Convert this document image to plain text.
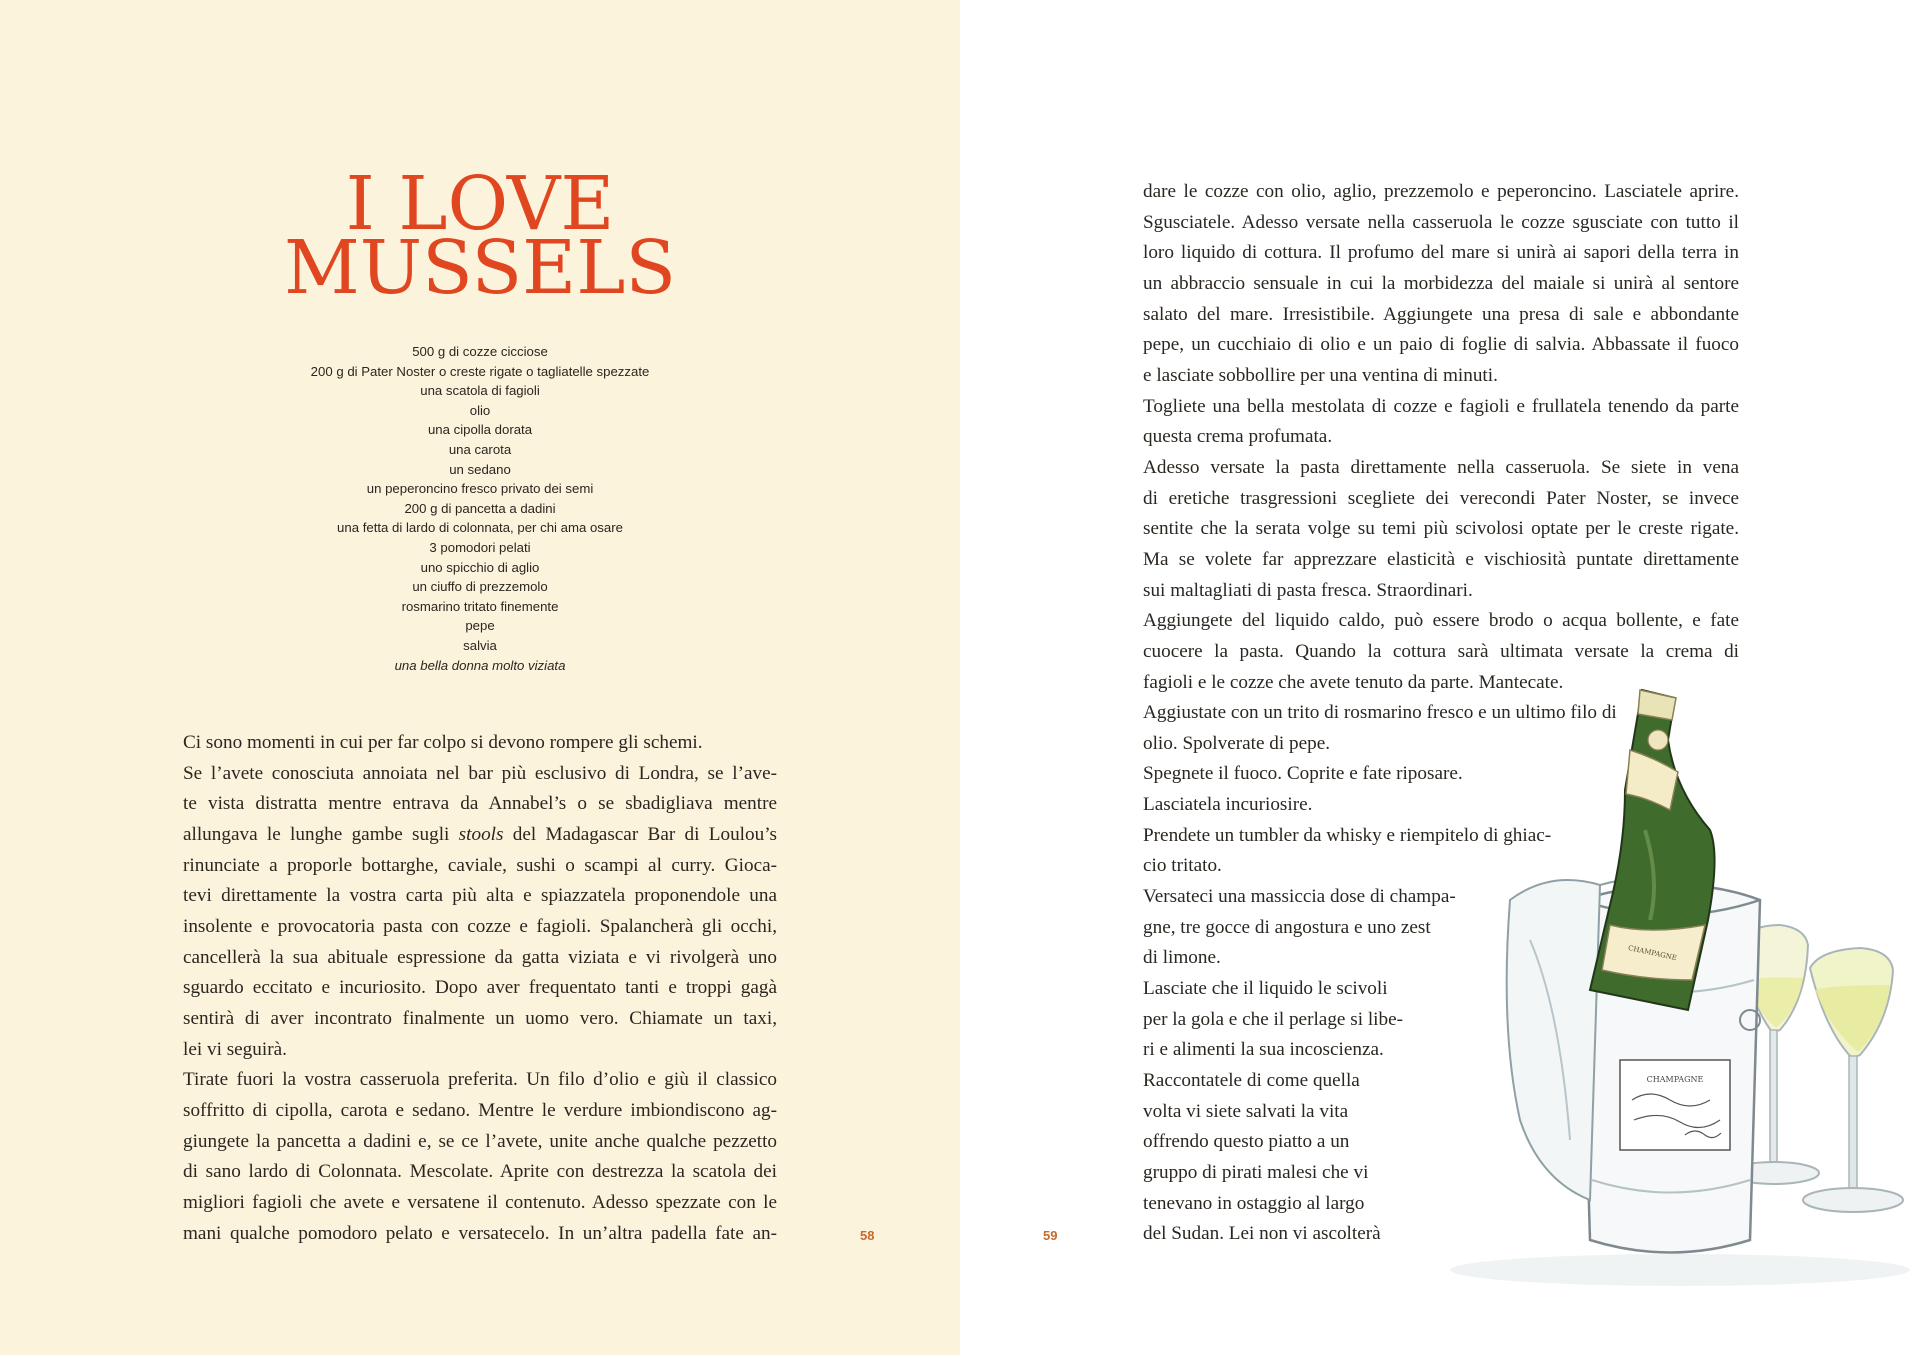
I LOVE
MUSSELS
500 g di cozze cicciose
200 g di Pater Noster o creste rigate o tagliatelle spezzate
una scatola di fagioli
olio
una cipolla dorata
una carota
un sedano
un peperoncino fresco privato dei semi
200 g di pancetta a dadini
una fetta di lardo di colonnata, per chi ama osare
3 pomodori pelati
uno spicchio di aglio
un ciuffo di prezzemolo
rosmarino tritato finemente
pepe
salvia
una bella donna molto viziata
Ci sono momenti in cui per far colpo si devono rompere gli schemi.
Se l’avete conosciuta annoiata nel bar più esclusivo di Londra, se l’ave-
te vista distratta mentre entrava da Annabel’s o se sbadigliava mentre
allungava le lunghe gambe sugli stools del Madagascar Bar di Loulou’s
rinunciate a proporle bottarghe, caviale, sushi o scampi al curry. Gioca-
tevi direttamente la vostra carta più alta e spiazzatela proponendole una
insolente e provocatoria pasta con cozze e fagioli. Spalancherà gli occhi,
cancellerà la sua abituale espressione da gatta viziata e vi rivolgerà uno
sguardo eccitato e incuriosito. Dopo aver frequentato tanti e troppi gagà
sentirà di aver incontrato finalmente un uomo vero. Chiamate un taxi,
lei vi seguirà.
Tirate fuori la vostra casseruola preferita. Un filo d’olio e giù il classico
soffritto di cipolla, carota e sedano. Mentre le verdure imbiondiscono ag-
giungete la pancetta a dadini e, se ce l’avete, unite anche qualche pezzetto
di sano lardo di Colonnata. Mescolate. Aprite con destrezza la scatola dei
migliori fagioli che avete e versatene il contenuto. Adesso spezzate con le
mani qualche pomodoro pelato e versatecelo. In un’altra padella fate an-	58
CHAMPAGNE
CHAMPAGNE
dare le cozze con olio, aglio, prezzemolo e peperoncino. Lasciatele aprire.
Sgusciatele. Adesso versate nella casseruola le cozze sgusciate con tutto il
loro liquido di cottura. Il profumo del mare si unirà ai sapori della terra in
un abbraccio sensuale in cui la morbidezza del maiale si unirà al sentore
salato del mare. Irresistibile. Aggiungete una presa di sale e abbondante
pepe, un cucchiaio di olio e un paio di foglie di salvia. Abbassate il fuoco
e lasciate sobbollire per una ventina di minuti.
Togliete una bella mestolata di cozze e fagioli e frullatela tenendo da parte
questa crema profumata.
Adesso versate la pasta direttamente nella casseruola. Se siete in vena
di eretiche trasgressioni scegliete dei verecondi Pater Noster, se invece
sentite che la serata volge su temi più scivolosi optate per le creste rigate.
Ma se volete far apprezzare elasticità e vischiosità puntate direttamente
sui maltagliati di pasta fresca. Straordinari.
Aggiungete del liquido caldo, può essere brodo o acqua bollente, e fate
cuocere la pasta. Quando la cottura sarà ultimata versate la crema di
fagioli e le cozze che avete tenuto da parte. Mantecate.
Aggiustate con un trito di rosmarino fresco e un ultimo filo di
olio. Spolverate di pepe.
Spegnete il fuoco. Coprite e fate riposare.
Lasciatela incuriosire.
Prendete un tumbler da whisky e riempitelo di ghiac-
cio tritato.
Versateci una massiccia dose di champa-
gne, tre gocce di angostura e uno zest
di limone.
Lasciate che il liquido le scivoli
per la gola e che il perlage si libe-
ri e alimenti la sua incoscienza.
Raccontatele di come quella
volta vi siete salvati la vita
offrendo questo piatto a un
gruppo di pirati malesi che vi
tenevano in ostaggio al largo
del Sudan. Lei non vi ascolterà
59
